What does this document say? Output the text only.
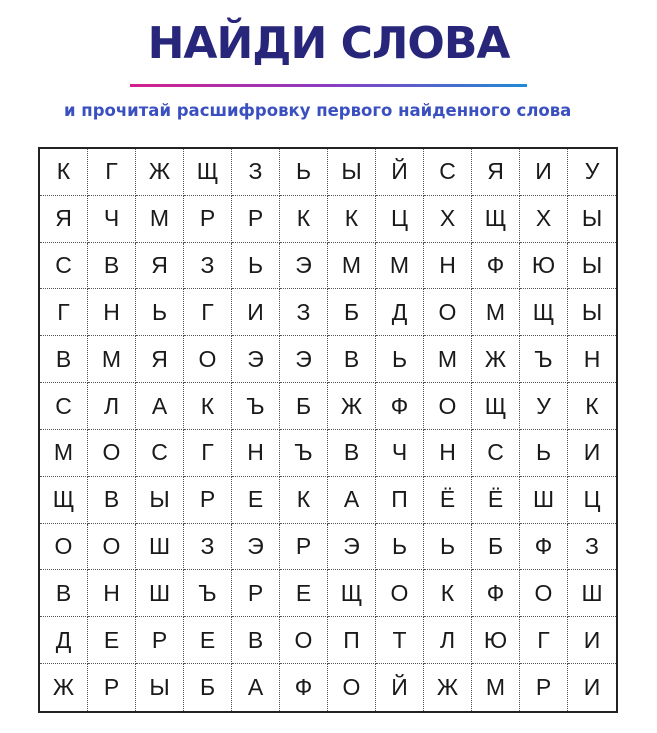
НАЙДИ СЛОВА
и прочитай расшифровку первого найденного слова
К	Г	Ж	Щ	З	Ь	Ы	Й	С	Я	И	У
Я	Ч	М	Р	Р	К	К	Ц	Х	Щ	Х	Ы
С	В	Я	З	Ь	Э	М	М	Н	Ф	Ю	Ы
Г	Н	Ь	Г	И	З	Б	Д	О	М	Щ	Ы
В	М	Я	О	Э	Э	В	Ь	М	Ж	Ъ	Н
С	Л	А	К	Ъ	Б	Ж	Ф	О	Щ	У	К
М	О	С	Г	Н	Ъ	В	Ч	Н	С	Ь	И
Щ	В	Ы	Р	Е	К	А	П	Ё	Ё	Ш	Ц
О	О	Ш	З	Э	Р	Э	Ь	Ь	Б	Ф	З
В	Н	Ш	Ъ	Р	Е	Щ	О	К	Ф	О	Ш
Д	Е	Р	Е	В	О	П	Т	Л	Ю	Г	И
Ж	Р	Ы	Б	А	Ф	О	Й	Ж	М	Р	И
